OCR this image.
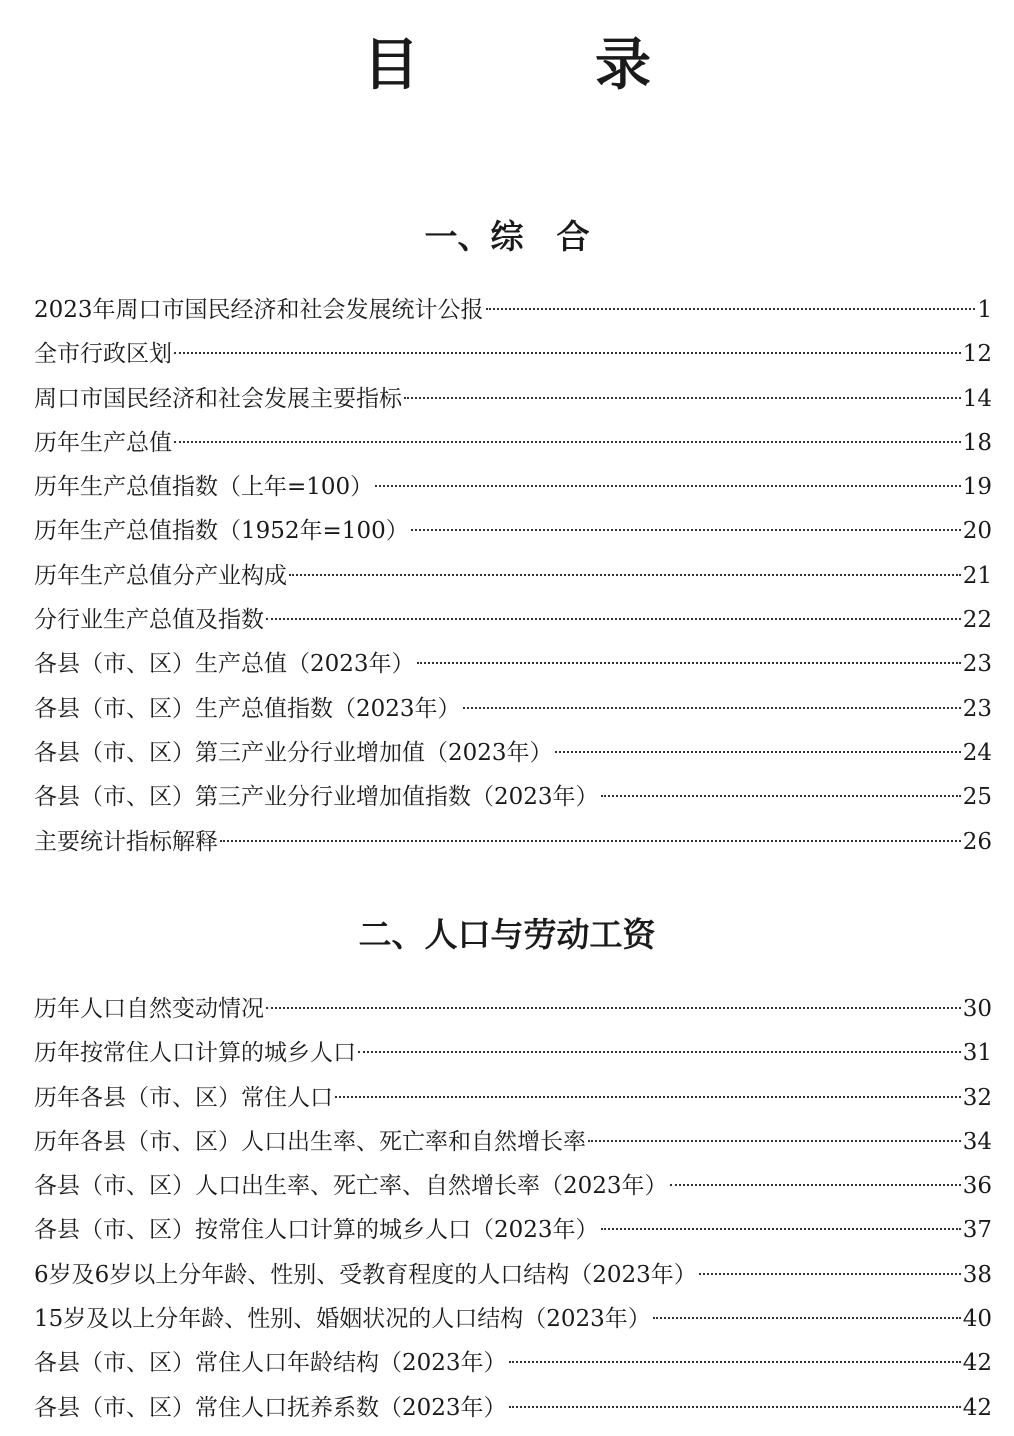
目　录
一、综　合
2023年周口市国民经济和社会发展统计公报	1
全市行政区划	12
周口市国民经济和社会发展主要指标	14
历年生产总值	18
历年生产总值指数（上年=100）	19
历年生产总值指数（1952年=100）	20
历年生产总值分产业构成	21
分行业生产总值及指数	22
各县（市、区）生产总值（2023年）	23
各县（市、区）生产总值指数（2023年）	23
各县（市、区）第三产业分行业增加值（2023年）	24
各县（市、区）第三产业分行业增加值指数（2023年）	25
主要统计指标解释	26
二、人口与劳动工资
历年人口自然变动情况	30
历年按常住人口计算的城乡人口	31
历年各县（市、区）常住人口	32
历年各县（市、区）人口出生率、死亡率和自然增长率	34
各县（市、区）人口出生率、死亡率、自然增长率（2023年）	36
各县（市、区）按常住人口计算的城乡人口（2023年）	37
6岁及6岁以上分年龄、性别、受教育程度的人口结构（2023年）	38
15岁及以上分年龄、性别、婚姻状况的人口结构（2023年）	40
各县（市、区）常住人口年龄结构（2023年）	42
各县（市、区）常住人口抚养系数（2023年）	42
